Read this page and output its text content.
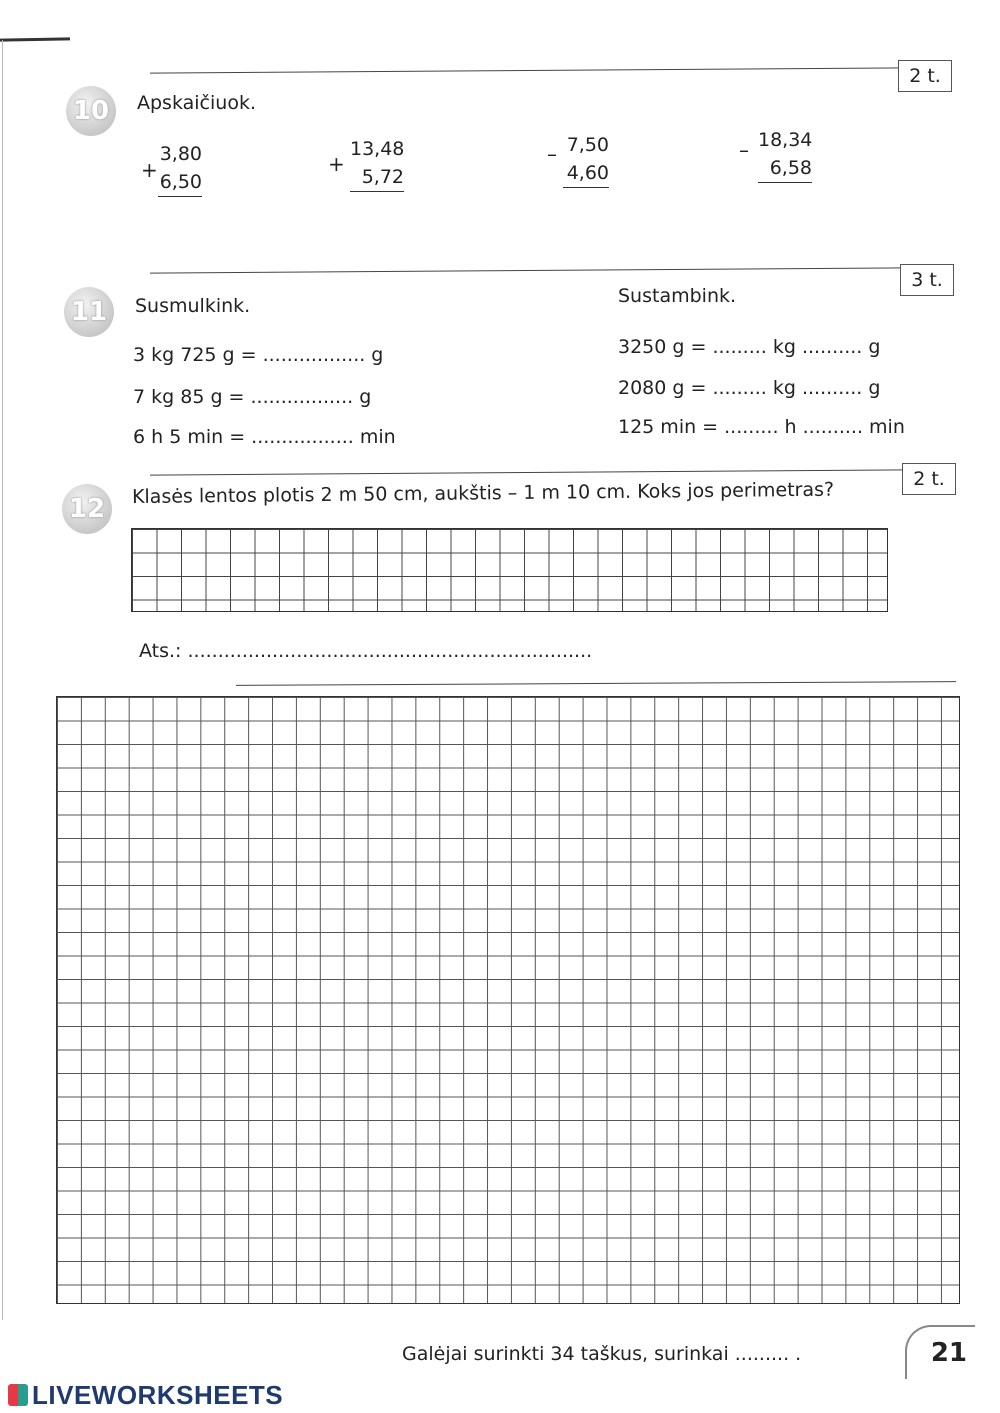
2 t.
10	Apskaičiuok.
+
3,80
6,50
+
13,48
5,72
– 7,50
4,60
– 18,34
6,58
3 t.
11	Susmulkink.	Sustambink.
3 kg 725 g = ................. g
7 kg 85 g = ................. g
6 h 5 min = ................. min
3250 g = ......... kg .......... g
2080 g = ......... kg .......... g
125 min = ......... h .......... min
2 t.
12
Klasės lentos plotis 2 m 50 cm, aukštis – 1 m 10 cm. Koks jos perimetras?
Ats.: ...................................................................
Galėjai surinkti 34 taškus, surinkai ......... .	21
LIVEWORKSHEETS
